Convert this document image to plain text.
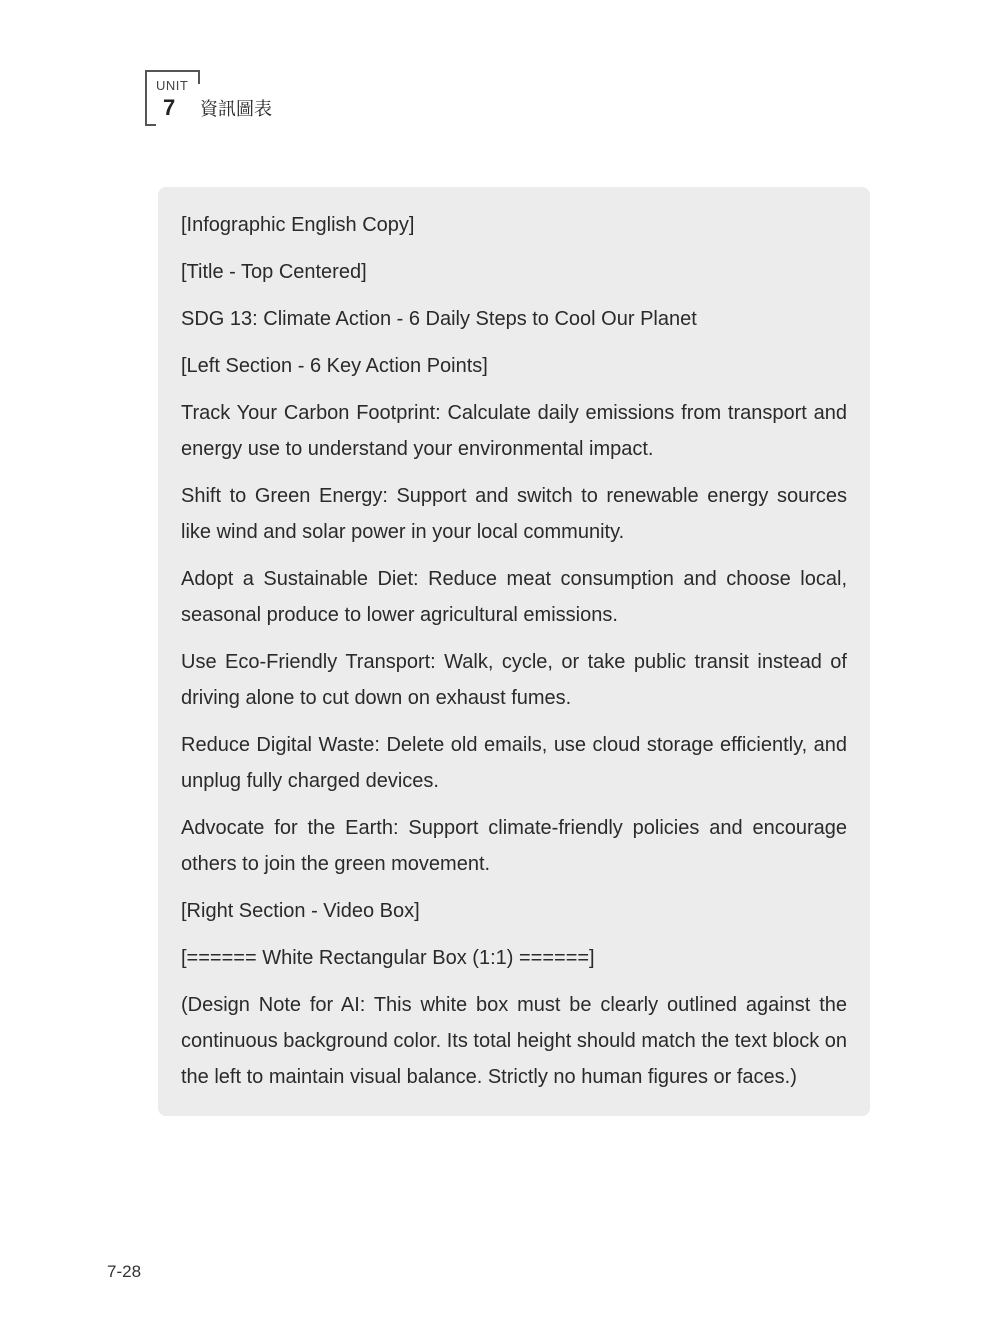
UNIT
7 資訊圖表

[Infographic English Copy]

[Title - Top Centered]

SDG 13: Climate Action - 6 Daily Steps to Cool Our Planet

[Left Section - 6 Key Action Points]

Track Your Carbon Footprint: Calculate daily emissions from transport and energy use to understand your environmental impact.

Shift to Green Energy: Support and switch to renewable energy sources like wind and solar power in your local community.

Adopt a Sustainable Diet: Reduce meat consumption and choose local, seasonal produce to lower agricultural emissions.

Use Eco-Friendly Transport: Walk, cycle, or take public transit instead of driving alone to cut down on exhaust fumes.

Reduce Digital Waste: Delete old emails, use cloud storage efficiently, and unplug fully charged devices.

Advocate for the Earth: Support climate-friendly policies and encourage others to join the green movement.

[Right Section - Video Box]

[====== White Rectangular Box (1:1) ======]

(Design Note for AI: This white box must be clearly outlined against the continuous background color. Its total height should match the text block on the left to maintain visual balance. Strictly no human figures or faces.)

7-28
